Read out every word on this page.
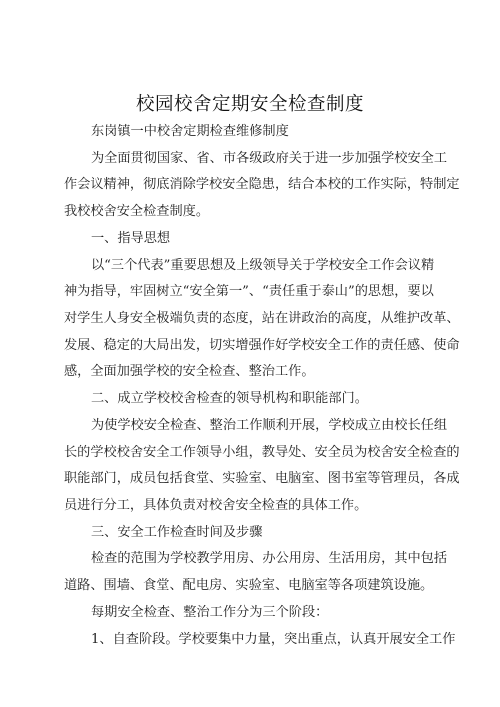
校园校舍定期安全检查制度
东岗镇一中校舍定期检查维修制度
为全面贯彻国家、省、市各级政府关于进一步加强学校安全工
作会议精神，彻底消除学校安全隐患，结合本校的工作实际，特制定
我校校舍安全检查制度。
一、指导思想
以“三个代表”重要思想及上级领导关于学校安全工作会议精
神为指导，牢固树立“安全第一”、“责任重于泰山”的思想，要以
对学生人身安全极端负责的态度，站在讲政治的高度，从维护改革、
发展、稳定的大局出发，切实增强作好学校安全工作的责任感、使命
感，全面加强学校的安全检查、整治工作。
二、成立学校校舍检查的领导机构和职能部门。
为使学校安全检查、整治工作顺利开展，学校成立由校长任组
长的学校校舍安全工作领导小组，教导处、安全员为校舍安全检查的
职能部门，成员包括食堂、实验室、电脑室、图书室等管理员，各成
员进行分工，具体负责对校舍安全检查的具体工作。
三、安全工作检查时间及步骤
检查的范围为学校教学用房、办公用房、生活用房，其中包括
道路、围墙、食堂、配电房、实验室、电脑室等各项建筑设施。
每期安全检查、整治工作分为三个阶段：
1、自查阶段。学校要集中力量，突出重点，认真开展安全工作
